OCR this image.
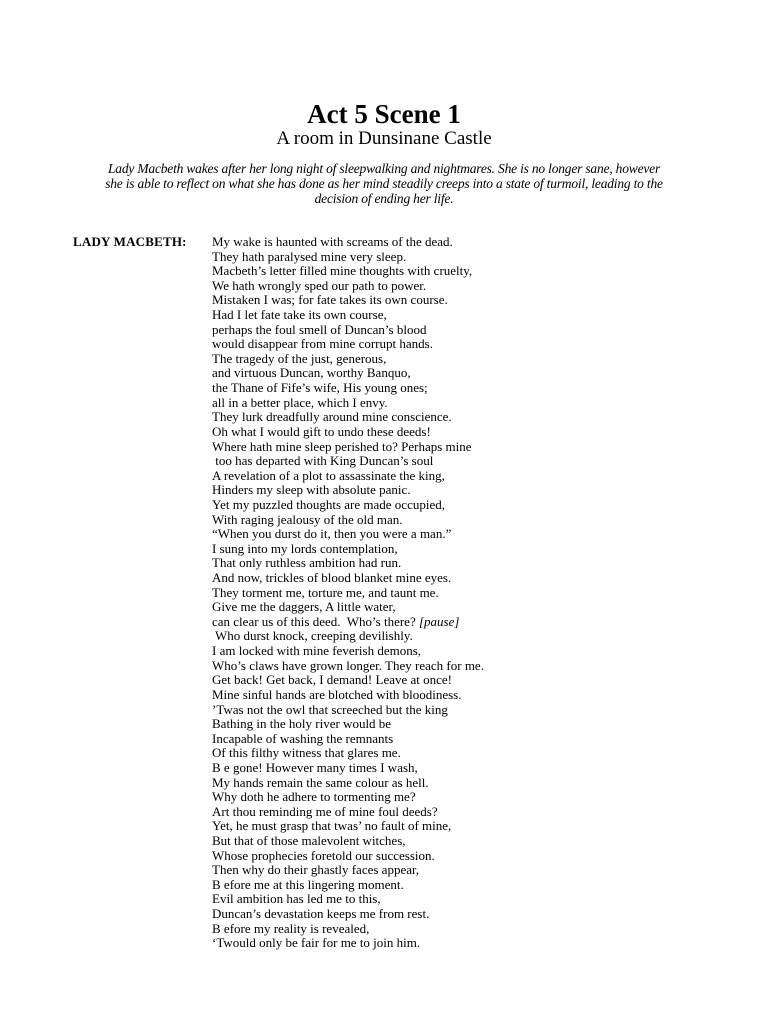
Act 5 Scene 1
A room in Dunsinane Castle
Lady Macbeth wakes after her long night of sleepwalking and nightmares. She is no longer sane, however
she is able to reflect on what she has done as her mind steadily creeps into a state of turmoil, leading to the
decision of ending her life.
LADY MACBETH: My wake is haunted with screams of the dead.
They hath paralysed mine very sleep.
Macbeth’s letter filled mine thoughts with cruelty,
We hath wrongly sped our path to power.
Mistaken I was; for fate takes its own course.
Had I let fate take its own course,
perhaps the foul smell of Duncan’s blood
would disappear from mine corrupt hands.
The tragedy of the just, generous,
and virtuous Duncan, worthy Banquo,
the Thane of Fife’s wife, His young ones;
all in a better place, which I envy.
They lurk dreadfully around mine conscience.
Oh what I would gift to undo these deeds!
Where hath mine sleep perished to? Perhaps mine
too has departed with King Duncan’s soul
A revelation of a plot to assassinate the king,
Hinders my sleep with absolute panic.
Yet my puzzled thoughts are made occupied,
With raging jealousy of the old man.
“When you durst do it, then you were a man.”
I sung into my lords contemplation,
That only ruthless ambition had run.
And now, trickles of blood blanket mine eyes.
They torment me, torture me, and taunt me.
Give me the daggers, A little water,
can clear us of this deed.  Who’s there? [pause]
Who durst knock, creeping devilishly.
I am locked with mine feverish demons,
Who’s claws have grown longer. They reach for me.
Get back! Get back, I demand! Leave at once!
Mine sinful hands are blotched with bloodiness.
’Twas not the owl that screeched but the king
Bathing in the holy river would be
Incapable of washing the remnants
Of this filthy witness that glares me.
B e gone! However many times I wash,
My hands remain the same colour as hell.
Why doth he adhere to tormenting me?
Art thou reminding me of mine foul deeds?
Yet, he must grasp that twas’ no fault of mine,
But that of those malevolent witches,
Whose prophecies foretold our succession.
Then why do their ghastly faces appear,
B efore me at this lingering moment.
Evil ambition has led me to this,
Duncan’s devastation keeps me from rest.
B efore my reality is revealed,
‘Twould only be fair for me to join him.
